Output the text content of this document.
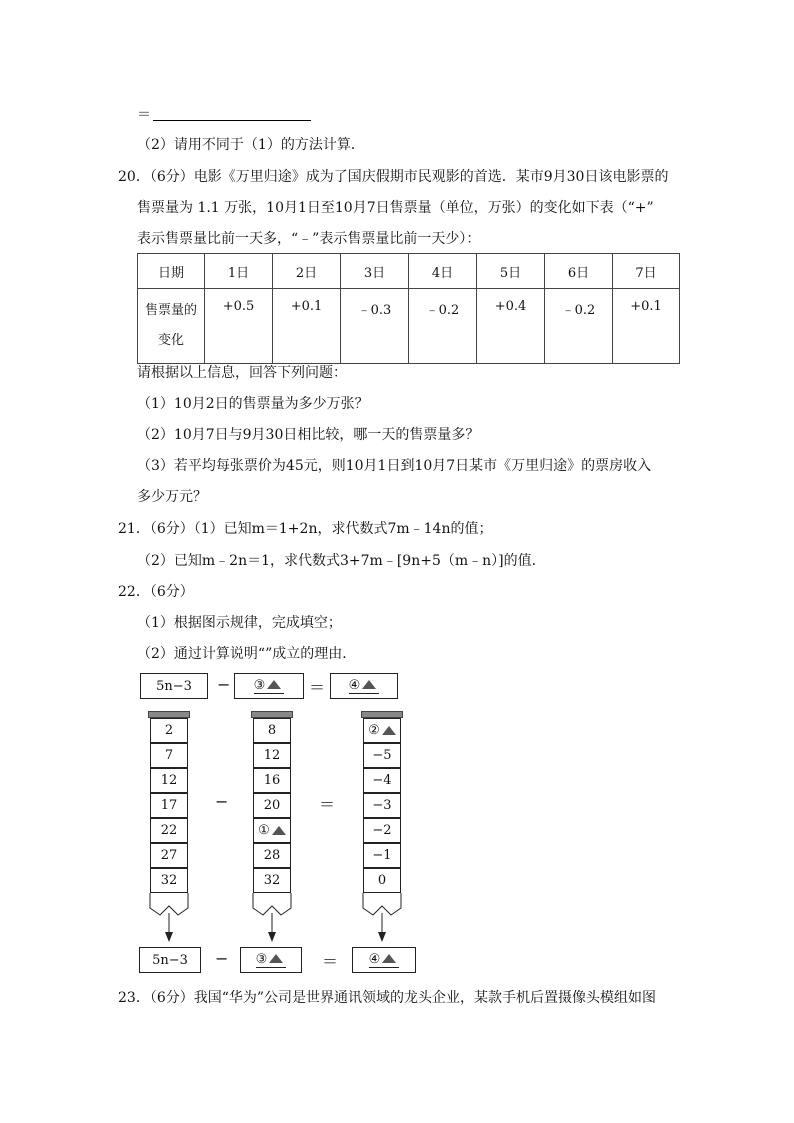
＝
（2）请用不同于（1）的方法计算．
20．（6分）电影《万里归途》成为了国庆假期市民观影的首选．某市9月30日该电影票的
售票量为 1.1 万张，10月1日至10月7日售票量（单位，万张）的变化如下表（“+”
表示售票量比前一天多，“﹣”表示售票量比前一天少）：
日期	1日	2日	3日	4日	5日	6日	7日

售票量的
变化	+0.5	+0.1	﹣0.3	﹣0.2	+0.4	﹣0.2	+0.1
请根据以上信息，回答下列问题：
（1）10月2日的售票量为多少万张？
（2）10月7日与9月30日相比较，哪一天的售票量多？
（3）若平均每张票价为45元，则10月1日到10月7日某市《万里归途》的票房收入
多少万元？
21．（6分）（1）已知m＝1+2n，求代数式7m﹣14n的值；
（2）已知m﹣2n＝1，求代数式3+7m﹣[9n+5（m﹣n）]的值．
22．（6分）
（1）根据图示规律，完成填空；
（2）通过计算说明“”成立的理由．
5n−3 − ③	＝ ④
2
7
12
17
22
27
32
8
12
16
20
①
28
32
②
−5
−4
−3
−2
−1
0
−	＝
5n−3 − ③	＝ ④
23．（6分）我国“华为”公司是世界通讯领域的龙头企业，某款手机后置摄像头模组如图
